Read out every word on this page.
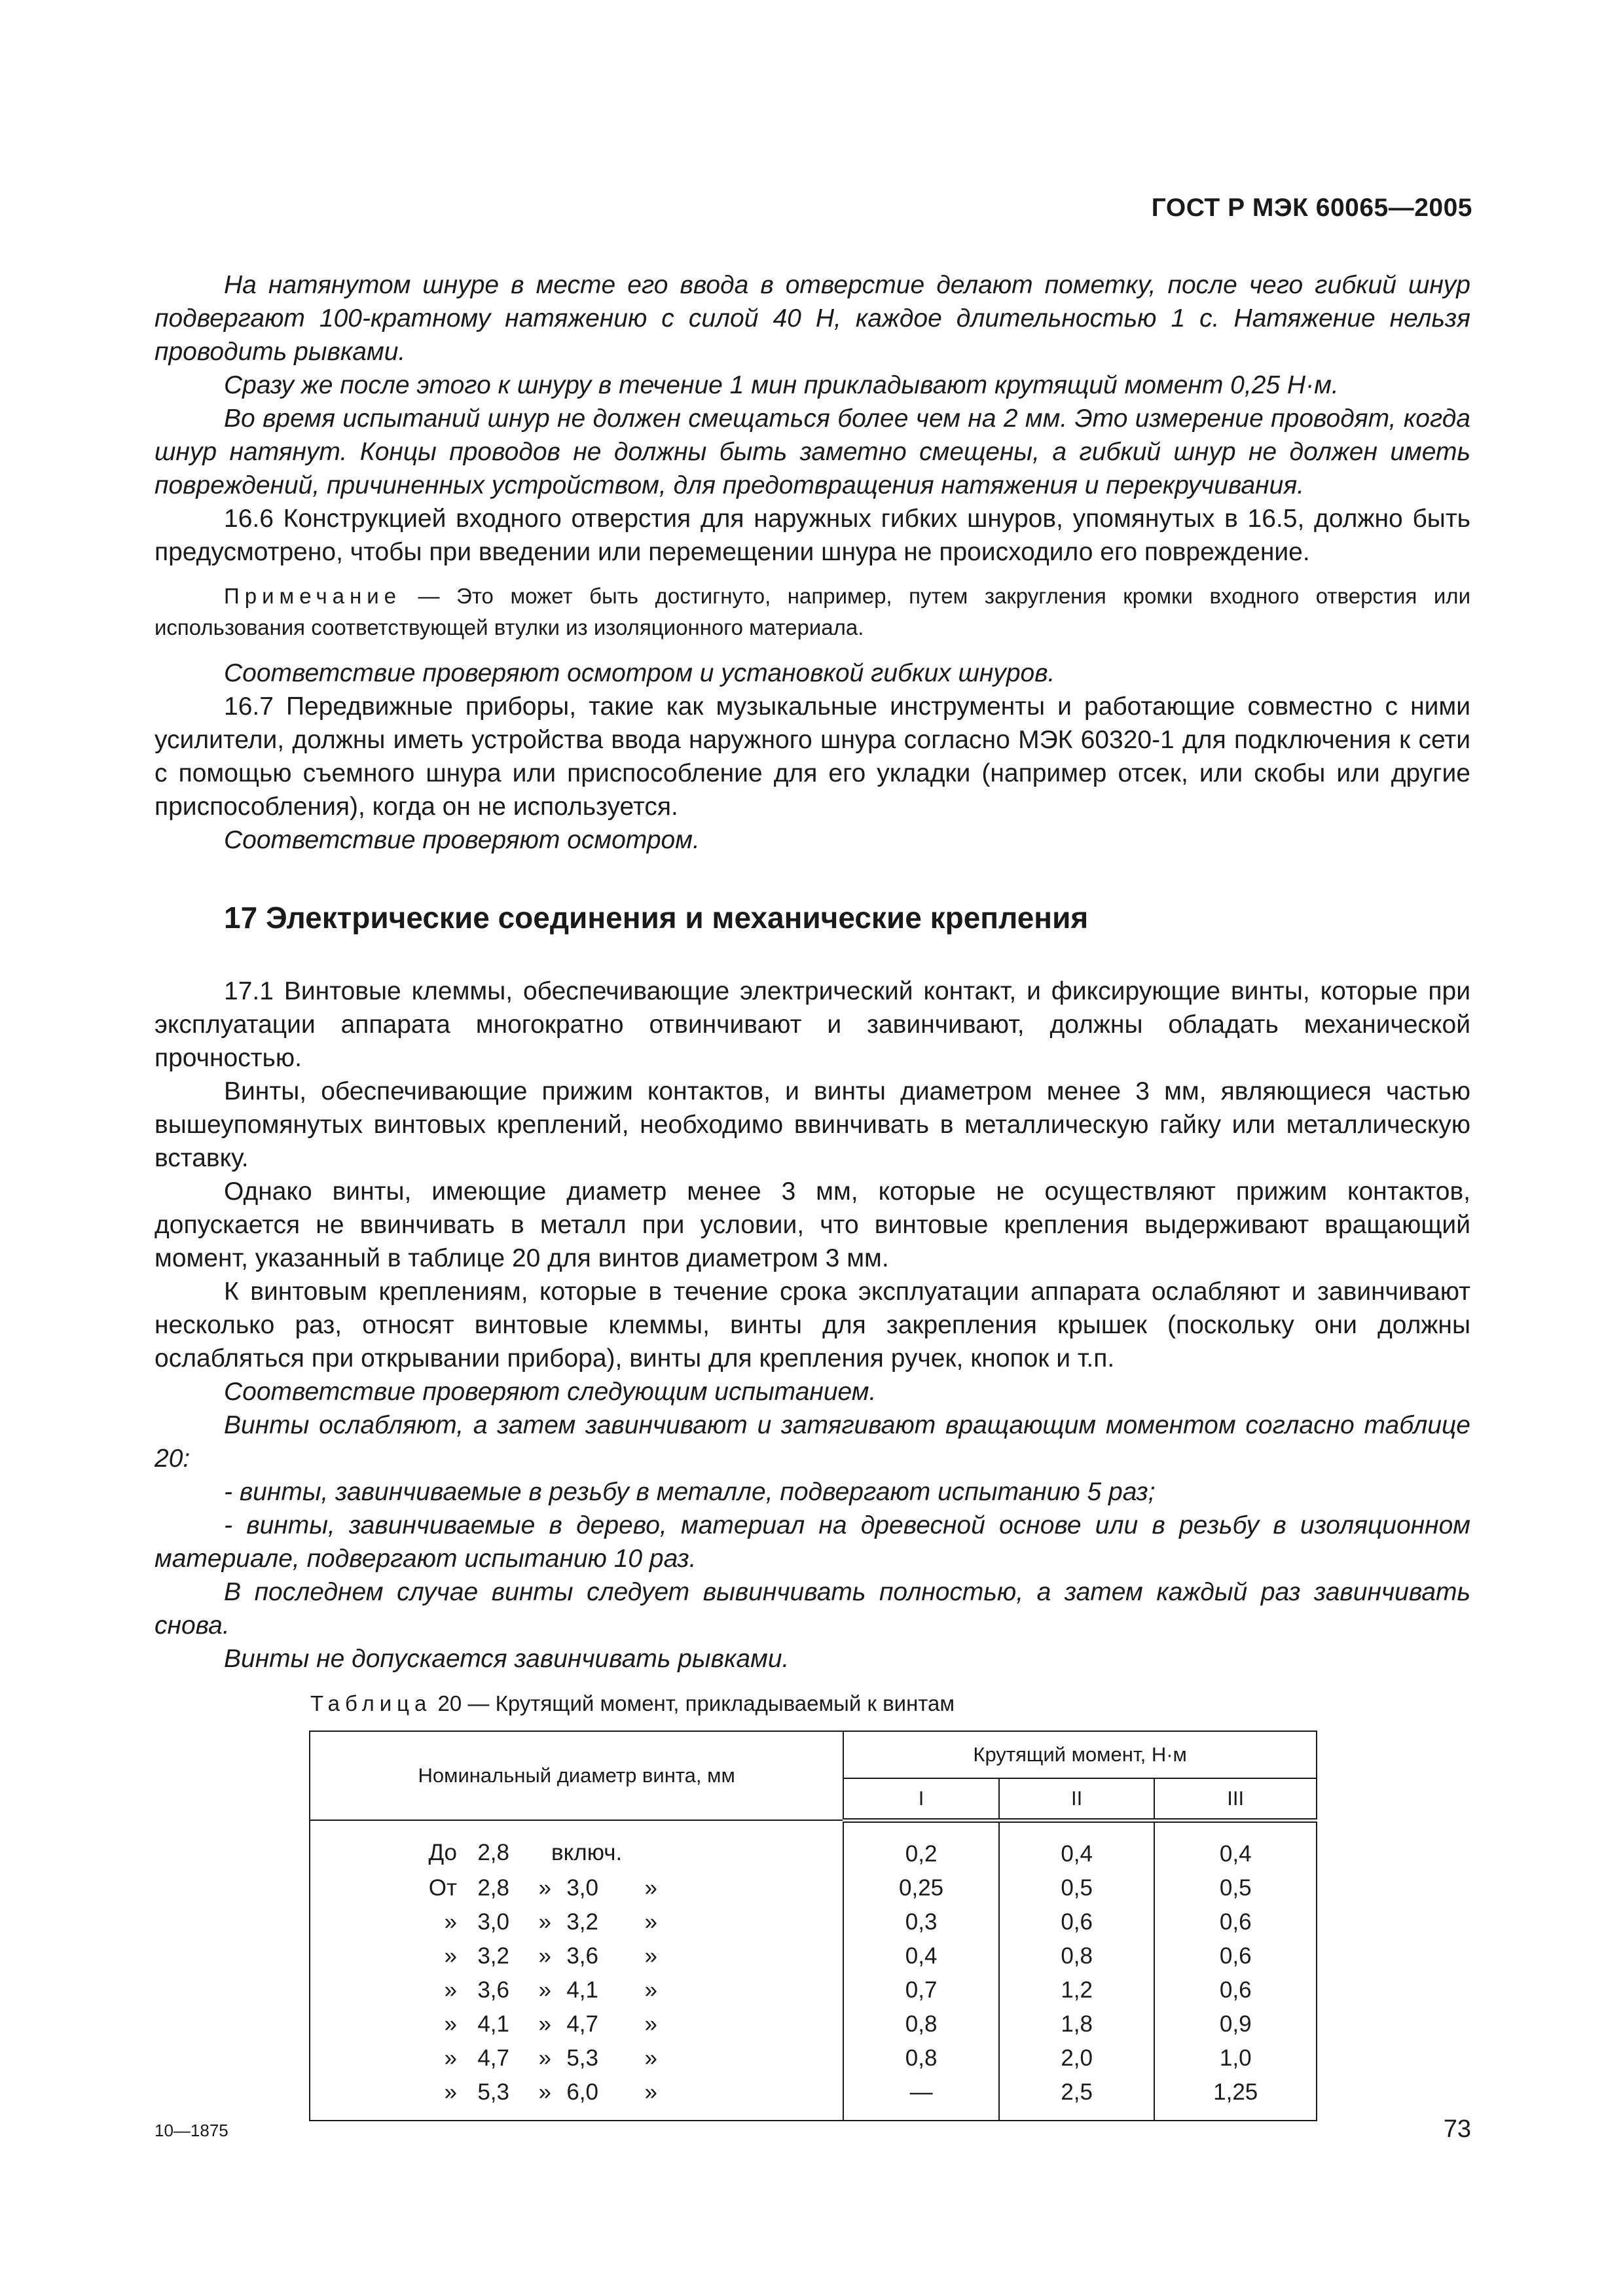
ГОСТ Р МЭК 60065—2005

На натянутом шнуре в месте его ввода в отверстие делают пометку, после чего гибкий шнур подвергают 100-кратному натяжению с силой 40 Н, каждое длительностью 1 с. Натяжение нельзя проводить рывками.

Сразу же после этого к шнуру в течение 1 мин прикладывают крутящий момент 0,25 Н·м.

Во время испытаний шнур не должен смещаться более чем на 2 мм. Это измерение проводят, когда шнур натянут. Концы проводов не должны быть заметно смещены, а гибкий шнур не должен иметь повреждений, причиненных устройством, для предотвращения натяжения и перекручивания.

16.6 Конструкцией входного отверстия для наружных гибких шнуров, упомянутых в 16.5, должно быть предусмотрено, чтобы при введении или перемещении шнура не происходило его повреждение.

Примечание — Это может быть достигнуто, например, путем закругления кромки входного отверстия или использования соответствующей втулки из изоляционного материала.

Соответствие проверяют осмотром и установкой гибких шнуров.

16.7 Передвижные приборы, такие как музыкальные инструменты и работающие совместно с ними усилители, должны иметь устройства ввода наружного шнура согласно МЭК 60320-1 для подключения к сети с помощью съемного шнура или приспособление для его укладки (например отсек, или скобы или другие приспособления), когда он не используется.

Соответствие проверяют осмотром.

17 Электрические соединения и механические крепления

17.1 Винтовые клеммы, обеспечивающие электрический контакт, и фиксирующие винты, которые при эксплуатации аппарата многократно отвинчивают и завинчивают, должны обладать механической прочностью.

Винты, обеспечивающие прижим контактов, и винты диаметром менее 3 мм, являющиеся частью вышеупомянутых винтовых креплений, необходимо ввинчивать в металлическую гайку или металлическую вставку.

Однако винты, имеющие диаметр менее 3 мм, которые не осуществляют прижим контактов, допускается не ввинчивать в металл при условии, что винтовые крепления выдерживают вращающий момент, указанный в таблице 20 для винтов диаметром 3 мм.

К винтовым креплениям, которые в течение срока эксплуатации аппарата ослабляют и завинчивают несколько раз, относят винтовые клеммы, винты для закрепления крышек (поскольку они должны ослабляться при открывании прибора), винты для крепления ручек, кнопок и т.п.

Соответствие проверяют следующим испытанием.

Винты ослабляют, а затем завинчивают и затягивают вращающим моментом согласно таблице 20:

- винты, завинчиваемые в резьбу в металле, подвергают испытанию 5 раз;

- винты, завинчиваемые в дерево, материал на древесной основе или в резьбу в изоляционном материале, подвергают испытанию 10 раз.

В последнем случае винты следует вывинчивать полностью, а затем каждый раз завинчивать снова.

Винты не допускается завинчивать рывками.

Таблица 20 — Крутящий момент, прикладываемый к винтам
Номинальный диаметр винта, мм	Крутящий момент, Н·м		
	I	II	III

До 2,8 включ.	0,2	0,4	0,4

От 2,8 » 3,0 »	0,25	0,5	0,5

» 3,0 » 3,2 »	0,3	0,6	0,6

» 3,2 » 3,6 »	0,4	0,8	0,6

» 3,6 » 4,1 »	0,7	1,2	0,6

» 4,1 » 4,7 »	0,8	1,8	0,9

» 4,7 » 5,3 »	0,8	2,0	1,0

» 5,3 » 6,0 »	—	2,5	1,25
10—1875	73
